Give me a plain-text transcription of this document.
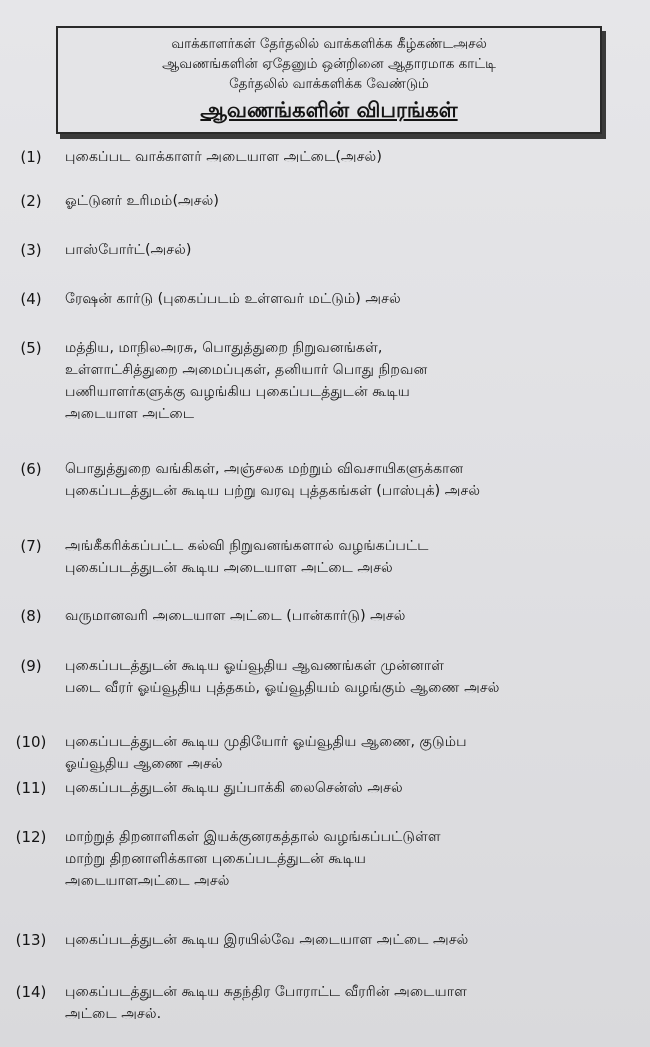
வாக்காளர்கள் தேர்தலில் வாக்களிக்க கீழ்கண்டஅசல்
ஆவணங்களின் ஏதேனும் ஒன்றினை ஆதாரமாக காட்டி
தேர்தலில் வாக்களிக்க வேண்டும்
ஆவணங்களின் விபரங்கள்
(1)	புகைப்பட வாக்காளர் அடையாள அட்டை(அசல்)
(2)	ஓட்டுனர் உரிமம்(அசல்)
(3)	பாஸ்போர்ட்(அசல்)
(4)	ரேஷன் கார்டு (புகைப்படம் உள்ளவர் மட்டும்) அசல்
(5)	மத்திய, மாநிலஅரசு, பொதுத்துறை நிறுவனங்கள்,
உள்ளாட்சித்துறை அமைப்புகள், தனியார் பொது நிறவன
பணியாளர்களுக்கு வழங்கிய புகைப்படத்துடன் கூடிய
அடையாள அட்டை
(6)	பொதுத்துறை வங்கிகள், அஞ்சலக மற்றும் விவசாயிகளுக்கான
புகைப்படத்துடன் கூடிய பற்று வரவு புத்தகங்கள் (பாஸ்புக்) அசல்
(7)	அங்கீகரிக்கப்பட்ட கல்வி நிறுவனங்களால் வழங்கப்பட்ட
புகைப்படத்துடன் கூடிய அடையாள அட்டை அசல்
(8)	வருமானவரி அடையாள அட்டை (பான்கார்டு) அசல்
(9)	புகைப்படத்துடன் கூடிய ஓய்வூதிய ஆவணங்கள் முன்னாள்
படை வீரர் ஓய்வூதிய புத்தகம், ஓய்வூதியம் வழங்கும் ஆணை அசல்
(10) புகைப்படத்துடன் கூடிய முதியோர் ஓய்வூதிய ஆணை, குடும்ப
ஓய்வூதிய ஆணை அசல்
(11) புகைப்படத்துடன் கூடிய துப்பாக்கி லைசென்ஸ் அசல்
(12) மாற்றுத் திறனாளிகள் இயக்குனரகத்தால் வழங்கப்பட்டுள்ள
மாற்று திறனாளிக்கான புகைப்படத்துடன் கூடிய
அடையாளஅட்டை அசல்
(13) புகைப்படத்துடன் கூடிய இரயில்வே அடையாள அட்டை அசல்
(14) புகைப்படத்துடன் கூடிய சுதந்திர போராட்ட வீரரின் அடையாள
அட்டை அசல்.
